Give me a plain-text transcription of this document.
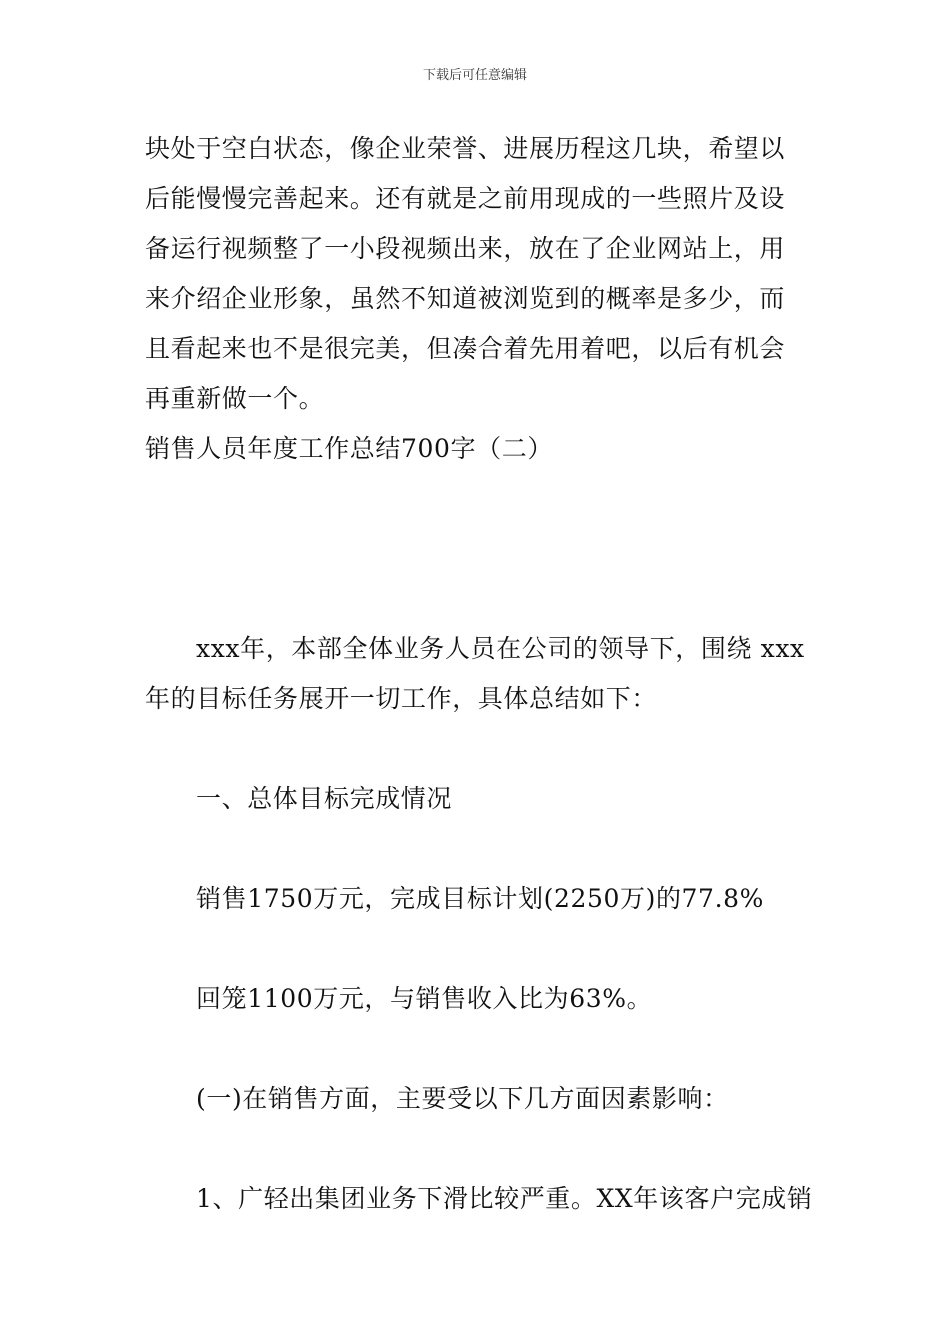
下载后可任意编辑
块处于空白状态，像企业荣誉、进展历程这几块，希望以
后能慢慢完善起来。还有就是之前用现成的一些照片及设
备运行视频整了一小段视频出来，放在了企业网站上，用
来介绍企业形象，虽然不知道被浏览到的概率是多少，而
且看起来也不是很完美，但凑合着先用着吧，以后有机会
再重新做一个。
销售人员年度工作总结700字（二）
xxx年，本部全体业务人员在公司的领导下，围绕 xxx
年的目标任务展开一切工作，具体总结如下：
一、总体目标完成情况
销售1750万元，完成目标计划(2250万)的77.8%
回笼1100万元，与销售收入比为63%。
(一)在销售方面，主要受以下几方面因素影响：
1、广轻出集团业务下滑比较严重。XX年该客户完成销
